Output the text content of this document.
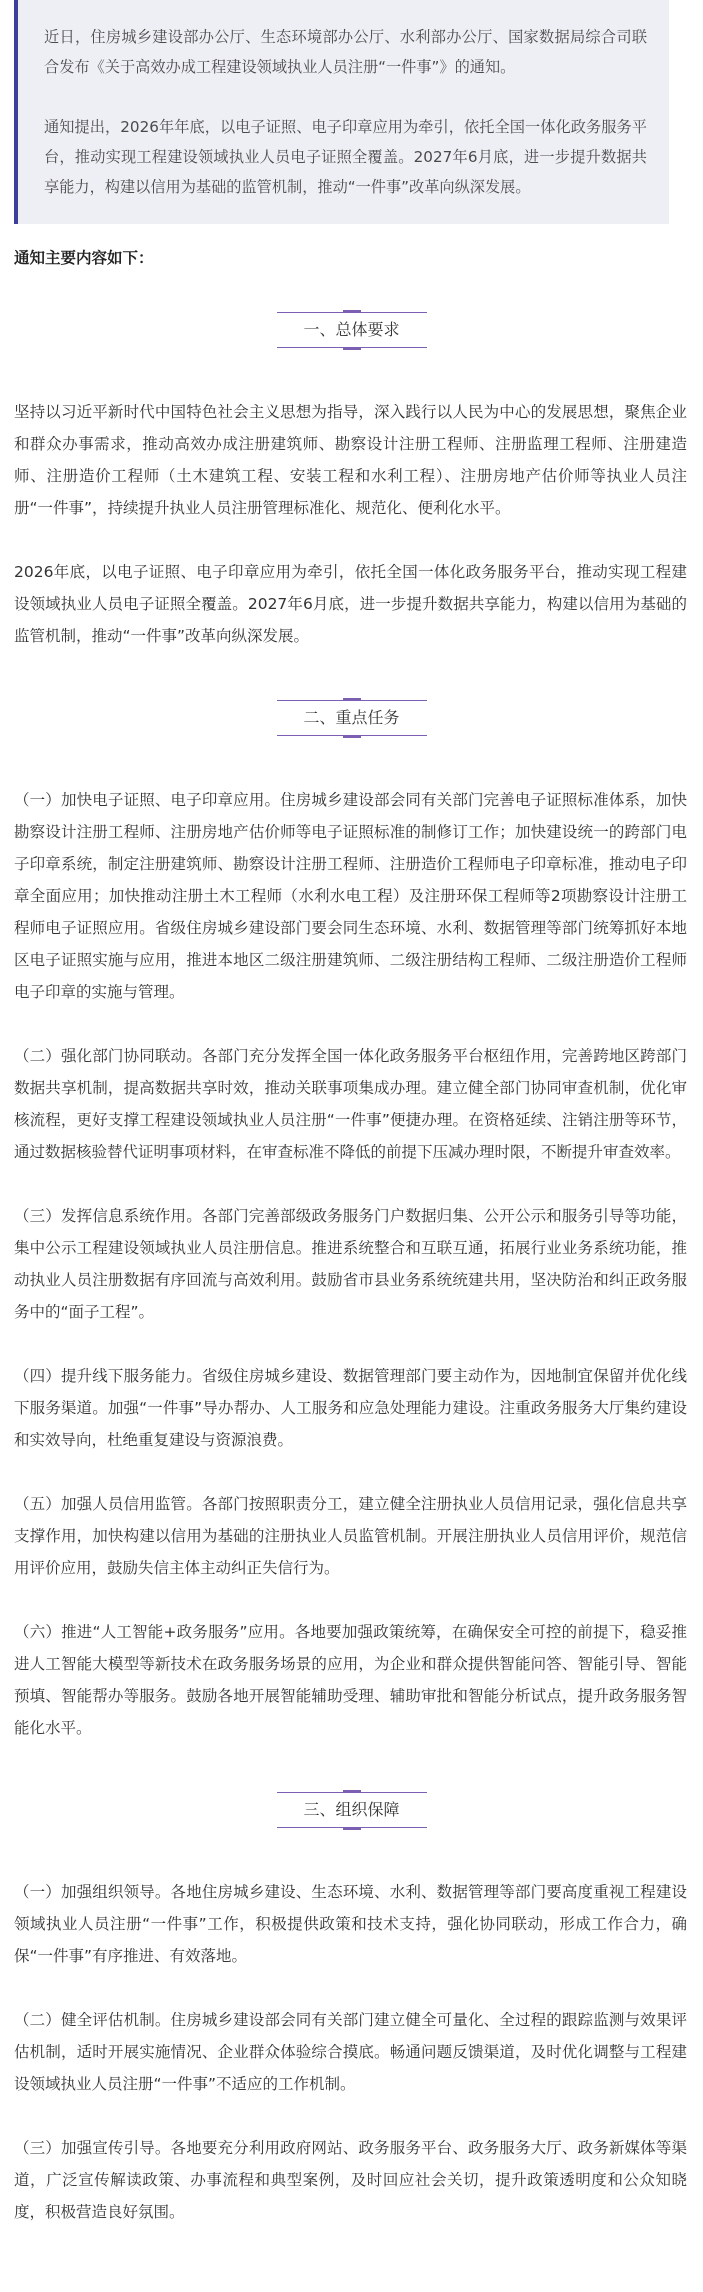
近日，住房城乡建设部办公厅、生态环境部办公厅、水利部办公厅、国家数据局综合司联合发布《关于高效办成工程建设领域执业人员注册“一件事”》的通知。

通知提出，2026年年底，以电子证照、电子印章应用为牵引，依托全国一体化政务服务平台，推动实现工程建设领域执业人员电子证照全覆盖。2027年6月底，进一步提升数据共享能力，构建以信用为基础的监管机制，推动“一件事”改革向纵深发展。

通知主要内容如下：
一、总体要求

坚持以习近平新时代中国特色社会主义思想为指导，深入践行以人民为中心的发展思想，聚焦企业和群众办事需求，推动高效办成注册建筑师、勘察设计注册工程师、注册监理工程师、注册建造师、注册造价工程师（土木建筑工程、安装工程和水利工程）、注册房地产估价师等执业人员注册“一件事”，持续提升执业人员注册管理标准化、规范化、便利化水平。

2026年底，以电子证照、电子印章应用为牵引，依托全国一体化政务服务平台，推动实现工程建设领域执业人员电子证照全覆盖。2027年6月底，进一步提升数据共享能力，构建以信用为基础的监管机制，推动“一件事”改革向纵深发展。

二、重点任务

（一）加快电子证照、电子印章应用。住房城乡建设部会同有关部门完善电子证照标准体系，加快勘察设计注册工程师、注册房地产估价师等电子证照标准的制修订工作；加快建设统一的跨部门电子印章系统，制定注册建筑师、勘察设计注册工程师、注册造价工程师电子印章标准，推动电子印章全面应用；加快推动注册土木工程师（水利水电工程）及注册环保工程师等2项勘察设计注册工程师电子证照应用。省级住房城乡建设部门要会同生态环境、水利、数据管理等部门统筹抓好本地区电子证照实施与应用，推进本地区二级注册建筑师、二级注册结构工程师、二级注册造价工程师电子印章的实施与管理。

（二）强化部门协同联动。各部门充分发挥全国一体化政务服务平台枢纽作用，完善跨地区跨部门数据共享机制，提高数据共享时效，推动关联事项集成办理。建立健全部门协同审查机制，优化审核流程，更好支撑工程建设领域执业人员注册“一件事”便捷办理。在资格延续、注销注册等环节，通过数据核验替代证明事项材料，在审查标准不降低的前提下压减办理时限，不断提升审查效率。

（三）发挥信息系统作用。各部门完善部级政务服务门户数据归集、公开公示和服务引导等功能，集中公示工程建设领域执业人员注册信息。推进系统整合和互联互通，拓展行业业务系统功能，推动执业人员注册数据有序回流与高效利用。鼓励省市县业务系统统建共用，坚决防治和纠正政务服务中的“面子工程”。

（四）提升线下服务能力。省级住房城乡建设、数据管理部门要主动作为，因地制宜保留并优化线下服务渠道。加强“一件事”导办帮办、人工服务和应急处理能力建设。注重政务服务大厅集约建设和实效导向，杜绝重复建设与资源浪费。

（五）加强人员信用监管。各部门按照职责分工，建立健全注册执业人员信用记录，强化信息共享支撑作用，加快构建以信用为基础的注册执业人员监管机制。开展注册执业人员信用评价，规范信用评价应用，鼓励失信主体主动纠正失信行为。

（六）推进“人工智能+政务服务”应用。各地要加强政策统筹，在确保安全可控的前提下，稳妥推进人工智能大模型等新技术在政务服务场景的应用，为企业和群众提供智能问答、智能引导、智能预填、智能帮办等服务。鼓励各地开展智能辅助受理、辅助审批和智能分析试点，提升政务服务智能化水平。

三、组织保障

（一）加强组织领导。各地住房城乡建设、生态环境、水利、数据管理等部门要高度重视工程建设领域执业人员注册“一件事”工作，积极提供政策和技术支持，强化协同联动，形成工作合力，确保“一件事”有序推进、有效落地。

（二）健全评估机制。住房城乡建设部会同有关部门建立健全可量化、全过程的跟踪监测与效果评估机制，适时开展实施情况、企业群众体验综合摸底。畅通问题反馈渠道，及时优化调整与工程建设领域执业人员注册“一件事”不适应的工作机制。

（三）加强宣传引导。各地要充分利用政府网站、政务服务平台、政务服务大厅、政务新媒体等渠道，广泛宣传解读政策、办事流程和典型案例，及时回应社会关切，提升政策透明度和公众知晓度，积极营造良好氛围。
